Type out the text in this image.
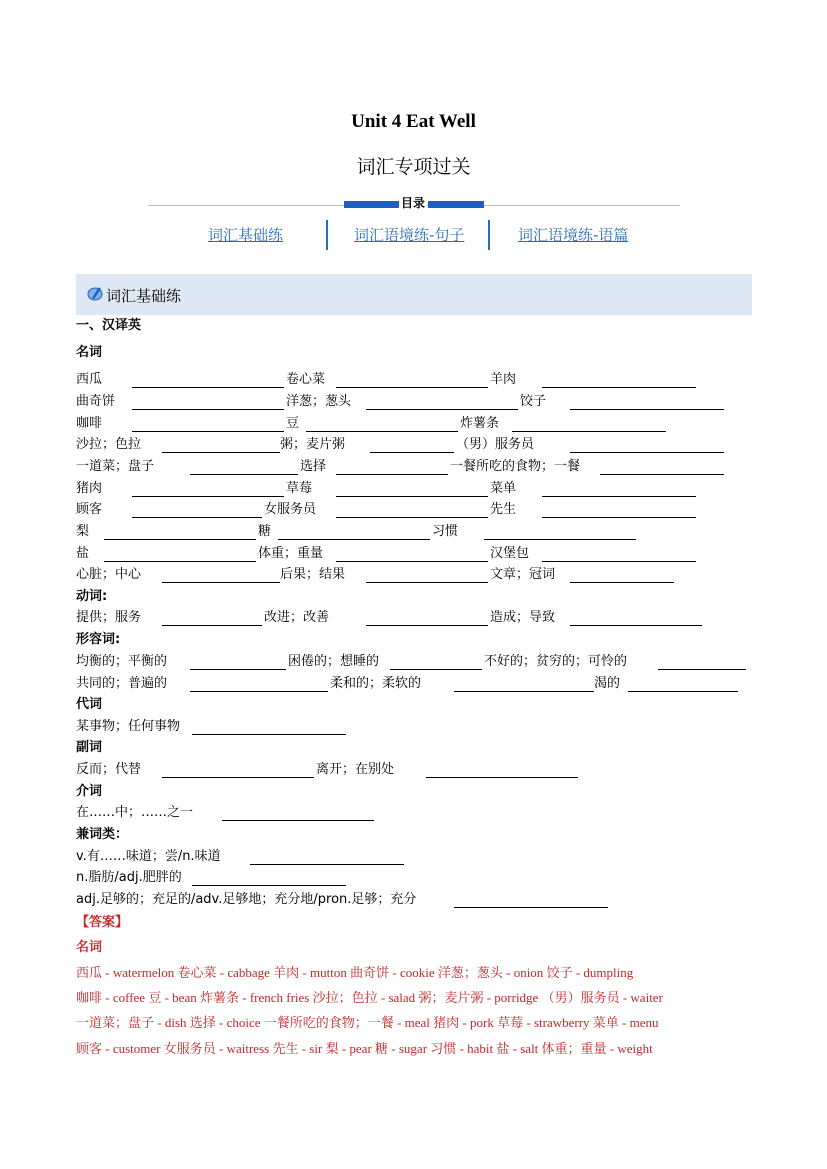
Unit 4 Eat Well
词汇专项过关
目录
词汇基础练	词汇语境练-句子	词汇语境练-语篇
词汇基础练
一、汉译英
名词
西瓜	卷心菜	羊肉
曲奇饼	洋葱；葱头	饺子
咖啡	豆	炸薯条
沙拉；色拉	粥；麦片粥	（男）服务员
一道菜；盘子	选择	一餐所吃的食物；一餐
猪肉	草莓	菜单
顾客	女服务员	先生
梨	糖	习惯
盐	体重；重量	汉堡包
心脏；中心	后果；结果	文章；冠词
动词:
提供；服务	改进；改善	造成；导致
形容词:
均衡的；平衡的	困倦的；想睡的	不好的；贫穷的；可怜的
共同的；普遍的	柔和的；柔软的	渴的
代词
某事物；任何事物
副词
反而；代替	离开；在别处
介词
在……中；……之一
兼词类：
v.有……味道；尝/n.味道
n.脂肪/adj.肥胖的
adj.足够的；充足的/adv.足够地；充分地/pron.足够；充分
【答案】
名词
西瓜 - watermelon 卷心菜 - cabbage 羊肉 - mutton 曲奇饼 - cookie 洋葱；葱头 - onion 饺子 - dumpling
咖啡 - coffee 豆 - bean 炸薯条 - french fries 沙拉；色拉 - salad 粥；麦片粥 - porridge （男）服务员 - waiter
一道菜；盘子 - dish 选择 - choice 一餐所吃的食物；一餐 - meal 猪肉 - pork 草莓 - strawberry 菜单 - menu
顾客 - customer 女服务员 - waitress 先生 - sir 梨 - pear 糖 - sugar 习惯 - habit 盐 - salt 体重；重量 - weight
